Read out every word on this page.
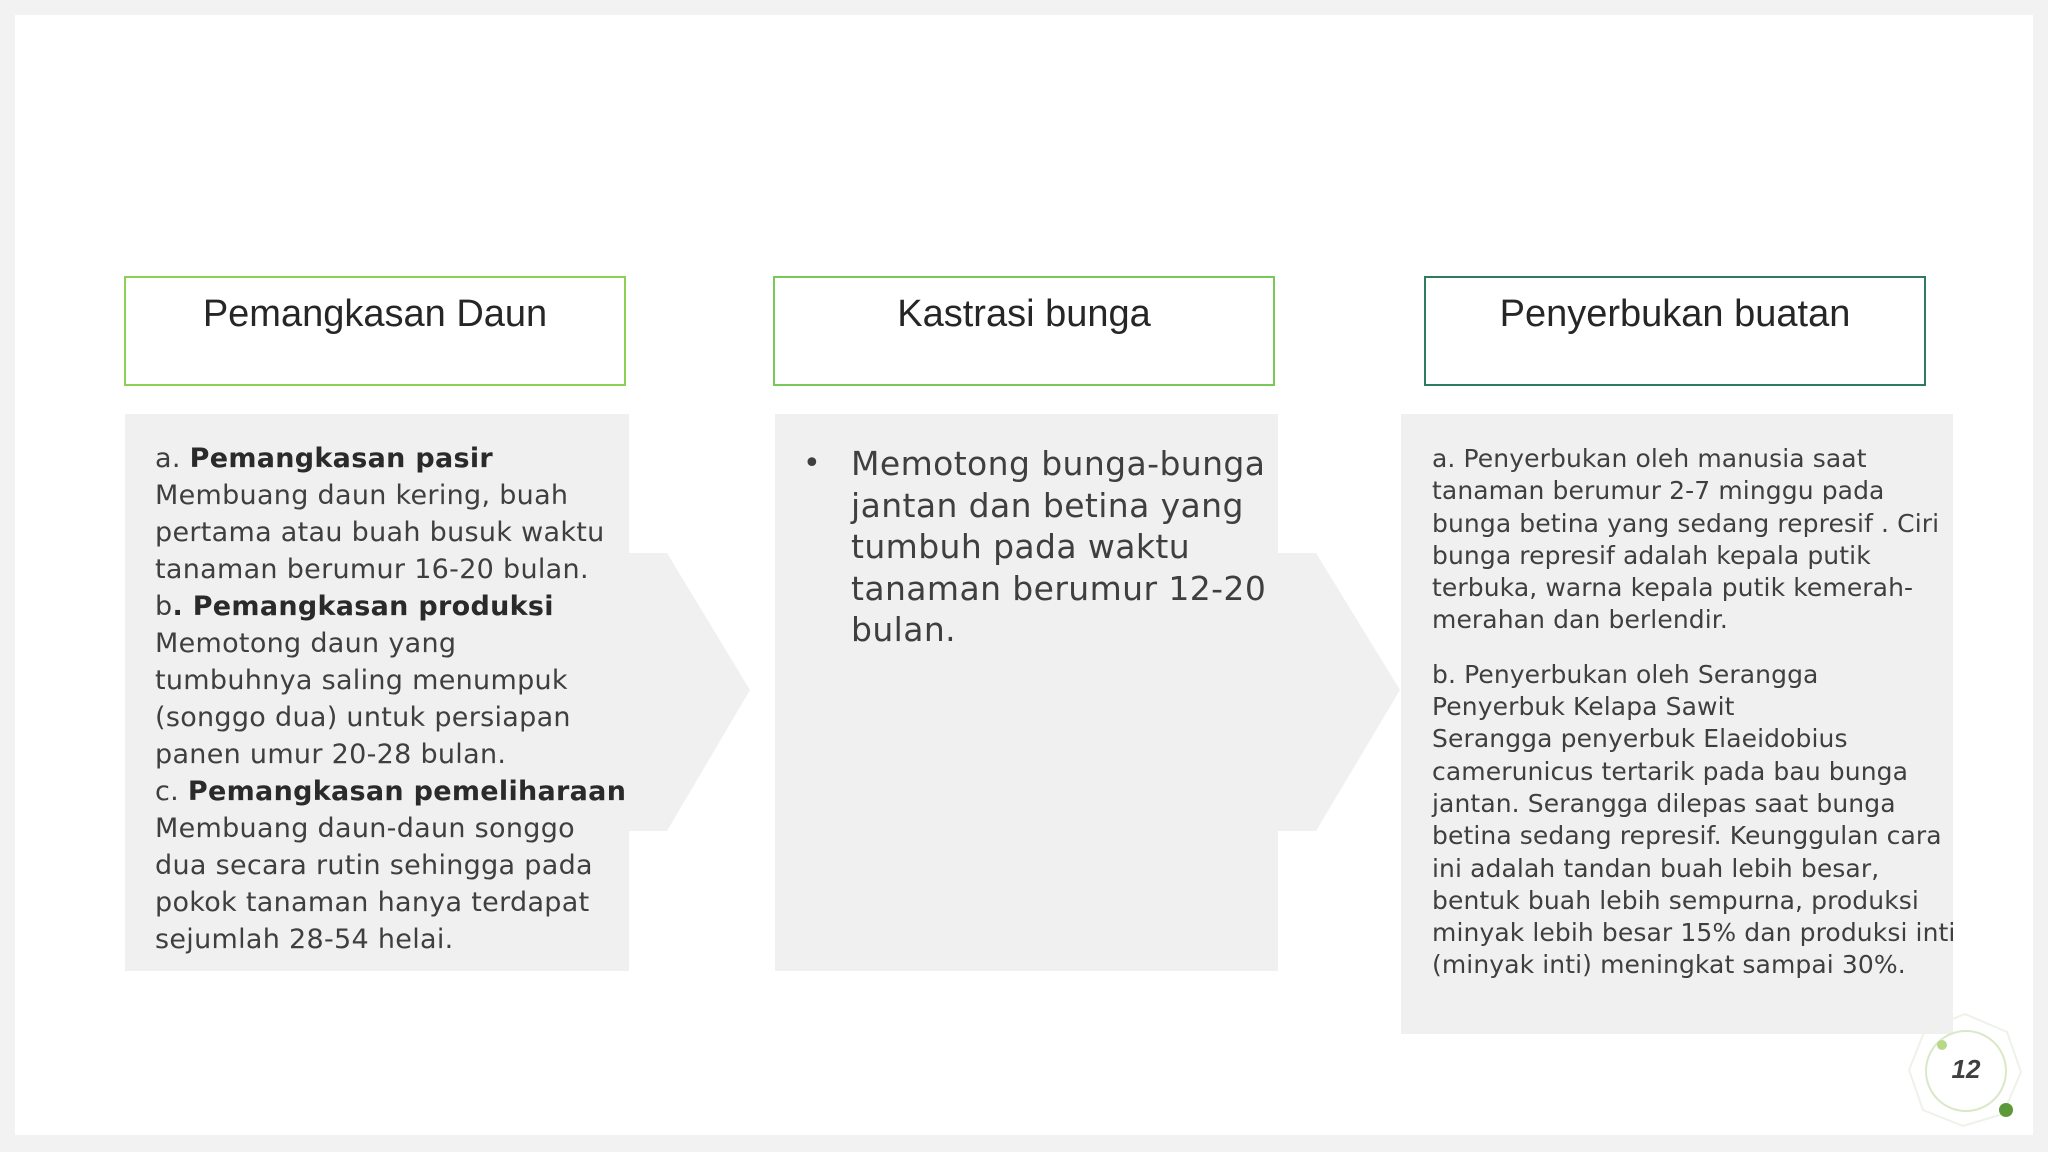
Pemangkasan Daun	Kastrasi bunga	Penyerbukan buatan
a. Pemangkasan pasir
Membuang daun kering, buah
pertama atau buah busuk waktu
tanaman berumur 16-20 bulan.
b. Pemangkasan produksi
Memotong daun yang
tumbuhnya saling menumpuk
(songgo dua) untuk persiapan
panen umur 20-28 bulan.
c. Pemangkasan pemeliharaan
Membuang daun-daun songgo
dua secara rutin sehingga pada
pokok tanaman hanya terdapat
sejumlah 28-54 helai.
• Memotong bunga-bunga
jantan dan betina yang
tumbuh pada waktu
tanaman berumur 12-20
bulan.
a. Penyerbukan oleh manusia saat
tanaman berumur 2-7 minggu pada
bunga betina yang sedang represif . Ciri
bunga represif adalah kepala putik
terbuka, warna kepala putik kemerah-
merahan dan berlendir.
b. Penyerbukan oleh Serangga
Penyerbuk Kelapa Sawit
Serangga penyerbuk Elaeidobius
camerunicus tertarik pada bau bunga
jantan. Serangga dilepas saat bunga
betina sedang represif. Keunggulan cara
ini adalah tandan buah lebih besar,
bentuk buah lebih sempurna, produksi
minyak lebih besar 15% dan produksi inti
(minyak inti) meningkat sampai 30%.
12
